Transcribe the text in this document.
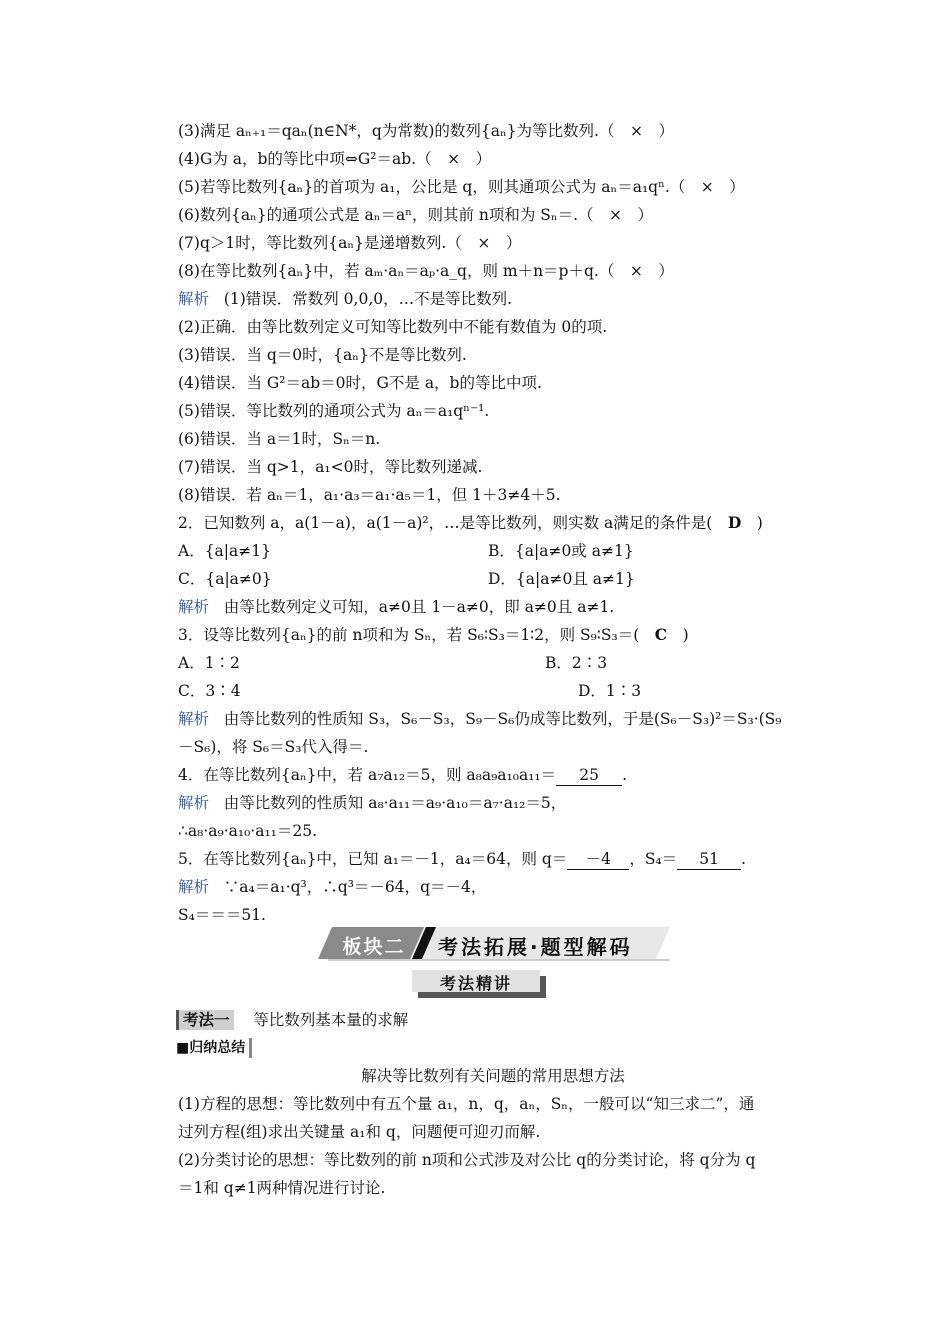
(3)满足 aₙ₊₁＝qaₙ(n∈N*，q为常数)的数列{aₙ}为等比数列.（　×　）
(4)G为 a，b的等比中项⇔G²＝ab.（　×　）
(5)若等比数列{aₙ}的首项为 a₁，公比是 q，则其通项公式为 aₙ＝a₁qⁿ.（　×　）
(6)数列{aₙ}的通项公式是 aₙ＝aⁿ，则其前 n项和为 Sₙ＝.（　×　）
(7)q＞1时，等比数列{aₙ}是递增数列.（　×　）
(8)在等比数列{aₙ}中，若 aₘ·aₙ＝aₚ·a_q，则 m＋n＝p＋q.（　×　）
解析 (1)错误．常数列 0,0,0，…不是等比数列.
(2)正确．由等比数列定义可知等比数列中不能有数值为 0的项.
(3)错误．当 q＝0时，{aₙ}不是等比数列.
(4)错误．当 G²＝ab＝0时，G不是 a，b的等比中项.
(5)错误．等比数列的通项公式为 aₙ＝a₁qⁿ⁻¹.
(6)错误．当 a＝1时，Sₙ＝n.
(7)错误．当 q>1，a₁<0时，等比数列递减.
(8)错误．若 aₙ＝1，a₁·a₃＝a₁·a₅＝1，但 1＋3≠4＋5.
2．已知数列 a，a(1－a)，a(1－a)²，…是等比数列，则实数 a满足的条件是(　D　)
A．{a|a≠1}	B．{a|a≠0或 a≠1}
C．{a|a≠0}	D．{a|a≠0且 a≠1}
解析 由等比数列定义可知，a≠0且 1－a≠0，即 a≠0且 a≠1.
3．设等比数列{aₙ}的前 n项和为 Sₙ，若 S₆∶S₃＝1∶2，则 S₉∶S₃＝(　C　)
A．1∶2	B．2∶3
C．3∶4	D．1∶3
解析 由等比数列的性质知 S₃，S₆－S₃，S₉－S₆仍成等比数列，于是(S₆－S₃)²＝S₃·(S₉
－S₆)，将 S₆＝S₃代入得＝.
4．在等比数列{aₙ}中，若 a₇a₁₂＝5，则 a₈a₉a₁₀a₁₁＝ 25 .
解析 由等比数列的性质知 a₈·a₁₁＝a₉·a₁₀＝a₇·a₁₂＝5，
∴a₈·a₉·a₁₀·a₁₁＝25.
5．在等比数列{aₙ}中，已知 a₁＝－1，a₄＝64，则 q＝ －4 ，S₄＝ 51 .
解析 ∵a₄＝a₁·q³，∴q³＝－64，q＝－4，
S₄＝＝＝51.
板块二	考法拓展·题型解码
考法精讲
考法一 等比数列基本量的求解
■归纳总结
解决等比数列有关问题的常用思想方法
(1)方程的思想：等比数列中有五个量 a₁，n，q，aₙ，Sₙ，一般可以“知三求二”，通
过列方程(组)求出关键量 a₁和 q，问题便可迎刃而解.
(2)分类讨论的思想：等比数列的前 n项和公式涉及对公比 q的分类讨论，将 q分为 q
＝1和 q≠1两种情况进行讨论.
